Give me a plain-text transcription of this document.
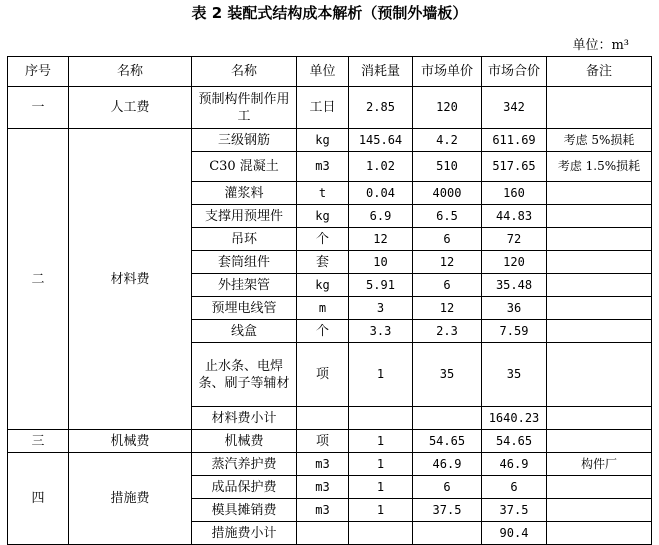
表 2 装配式结构成本解析（预制外墙板）
单位：m³
序号	名称	名称	单位	消耗量	市场单价	市场合价	备注
一	人工费	预制构件制作用工	工日	2.85	120	342	
二	材料费	三级钢筋	kg	145.64	4.2	611.69	考虑 5%损耗
		C30 混凝土	m3	1.02	510	517.65	考虑 1.5%损耗
		灌浆料	t	0.04	4000	160	
		支撑用预埋件	kg	6.9	6.5	44.83	
		吊环	个	12	6	72	
		套筒组件	套	10	12	120	
		外挂架管	kg	5.91	6	35.48	
		预埋电线管	m	3	12	36	
		线盒	个	3.3	2.3	7.59	
		止水条、电焊条、刷子等辅材	项	1	35	35	
		材料费小计				1640.23	
三	机械费	机械费	项	1	54.65	54.65	
四	措施费	蒸汽养护费	m3	1	46.9	46.9	构件厂
		成品保护费	m3	1	6	6	
		模具摊销费	m3	1	37.5	37.5	
		措施费小计				90.4	
